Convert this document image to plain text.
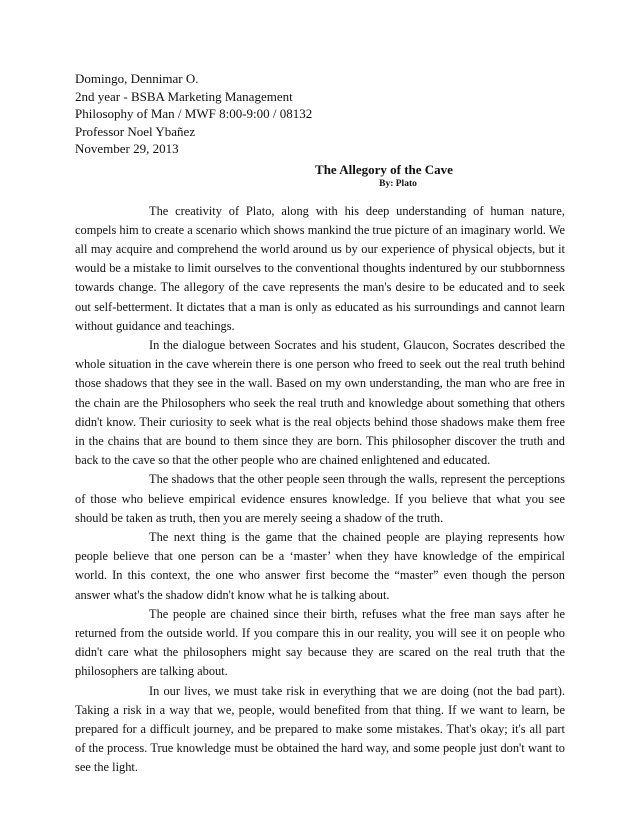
Domingo, Dennimar O.
2nd year - BSBA Marketing Management
Philosophy of Man / MWF 8:00-9:00 / 08132
Professor Noel Ybañez
November 29, 2013
The Allegory of the Cave
By: Plato

The creativity of Plato, along with his deep understanding of human nature, compels him to create a scenario which shows mankind the true picture of an imaginary world. We all may acquire and comprehend the world around us by our experience of physical objects, but it would be a mistake to limit ourselves to the conventional thoughts indentured by our stubbornness towards change. The allegory of the cave represents the man's desire to be educated and to seek out self-betterment. It dictates that a man is only as educated as his surroundings and cannot learn without guidance and teachings.

In the dialogue between Socrates and his student, Glaucon, Socrates described the whole situation in the cave wherein there is one person who freed to seek out the real truth behind those shadows that they see in the wall. Based on my own understanding, the man who are free in the chain are the Philosophers who seek the real truth and knowledge about something that others didn't know. Their curiosity to seek what is the real objects behind those shadows make them free in the chains that are bound to them since they are born. This philosopher discover the truth and back to the cave so that the other people who are chained enlightened and educated.

The shadows that the other people seen through the walls, represent the perceptions of those who believe empirical evidence ensures knowledge. If you believe that what you see should be taken as truth, then you are merely seeing a shadow of the truth.

The next thing is the game that the chained people are playing represents how people believe that one person can be a ‘master’ when they have knowledge of the empirical world. In this context, the one who answer first become the “master” even though the person answer what's the shadow didn't know what he is talking about.

The people are chained since their birth, refuses what the free man says after he returned from the outside world. If you compare this in our reality, you will see it on people who didn't care what the philosophers might say because they are scared on the real truth that the philosophers are talking about.

In our lives, we must take risk in everything that we are doing (not the bad part). Taking a risk in a way that we, people, would benefited from that thing. If we want to learn, be prepared for a difficult journey, and be prepared to make some mistakes. That's okay; it's all part of the process. True knowledge must be obtained the hard way, and some people just don't want to see the light.
